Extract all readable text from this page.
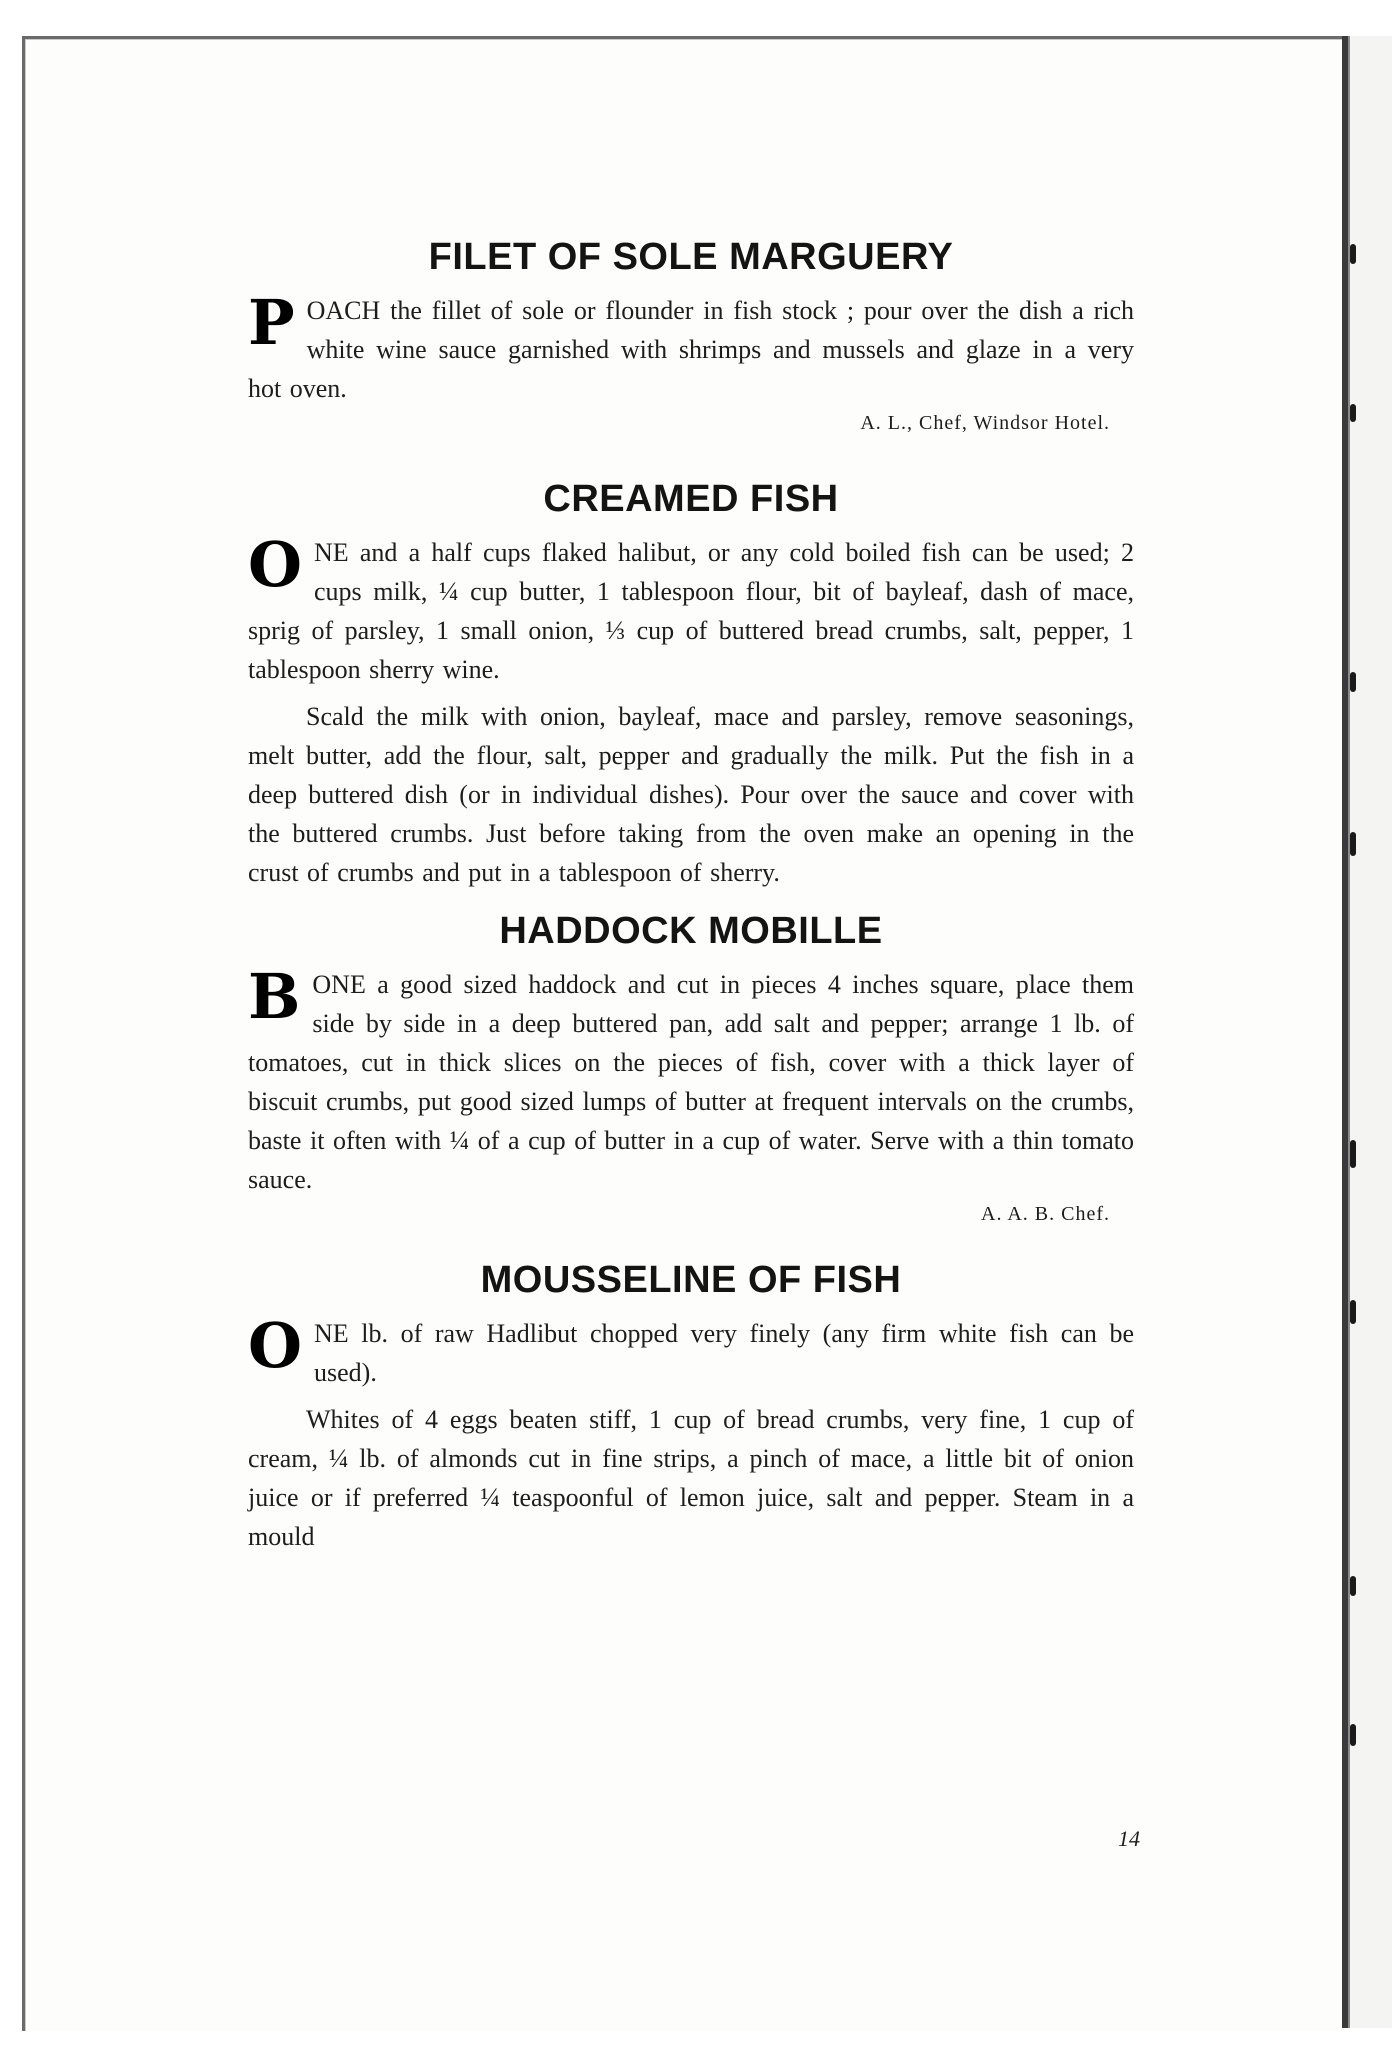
FILET OF SOLE MARGUERY

POACH the fillet of sole or flounder in fish stock ; pour over the dish a rich white wine sauce garnished with shrimps and mussels and glaze in a very hot oven.

A. L., Chef, Windsor Hotel.
CREAMED FISH

ONE and a half cups flaked halibut, or any cold boiled fish can be used; 2 cups milk, ¼ cup butter, 1 tablespoon flour, bit of bayleaf, dash of mace, sprig of parsley, 1 small onion, ⅓ cup of buttered bread crumbs, salt, pepper, 1 tablespoon sherry wine.

Scald the milk with onion, bayleaf, mace and parsley, remove seasonings, melt butter, add the flour, salt, pepper and gradually the milk. Put the fish in a deep buttered dish (or in individual dishes). Pour over the sauce and cover with the buttered crumbs. Just before taking from the oven make an opening in the crust of crumbs and put in a tablespoon of sherry.

HADDOCK MOBILLE

BONE a good sized haddock and cut in pieces 4 inches square, place them side by side in a deep buttered pan, add salt and pepper; arrange 1 lb. of tomatoes, cut in thick slices on the pieces of fish, cover with a thick layer of biscuit crumbs, put good sized lumps of butter at frequent intervals on the crumbs, baste it often with ¼ of a cup of butter in a cup of water. Serve with a thin tomato sauce.

A. A. B. Chef.
MOUSSELINE OF FISH

ONE lb. of raw Hadlibut chopped very finely (any firm white fish can be used).

Whites of 4 eggs beaten stiff, 1 cup of bread crumbs, very fine, 1 cup of cream, ¼ lb. of almonds cut in fine strips, a pinch of mace, a little bit of onion juice or if preferred ¼ teaspoonful of lemon juice, salt and pepper. Steam in a mould

14
